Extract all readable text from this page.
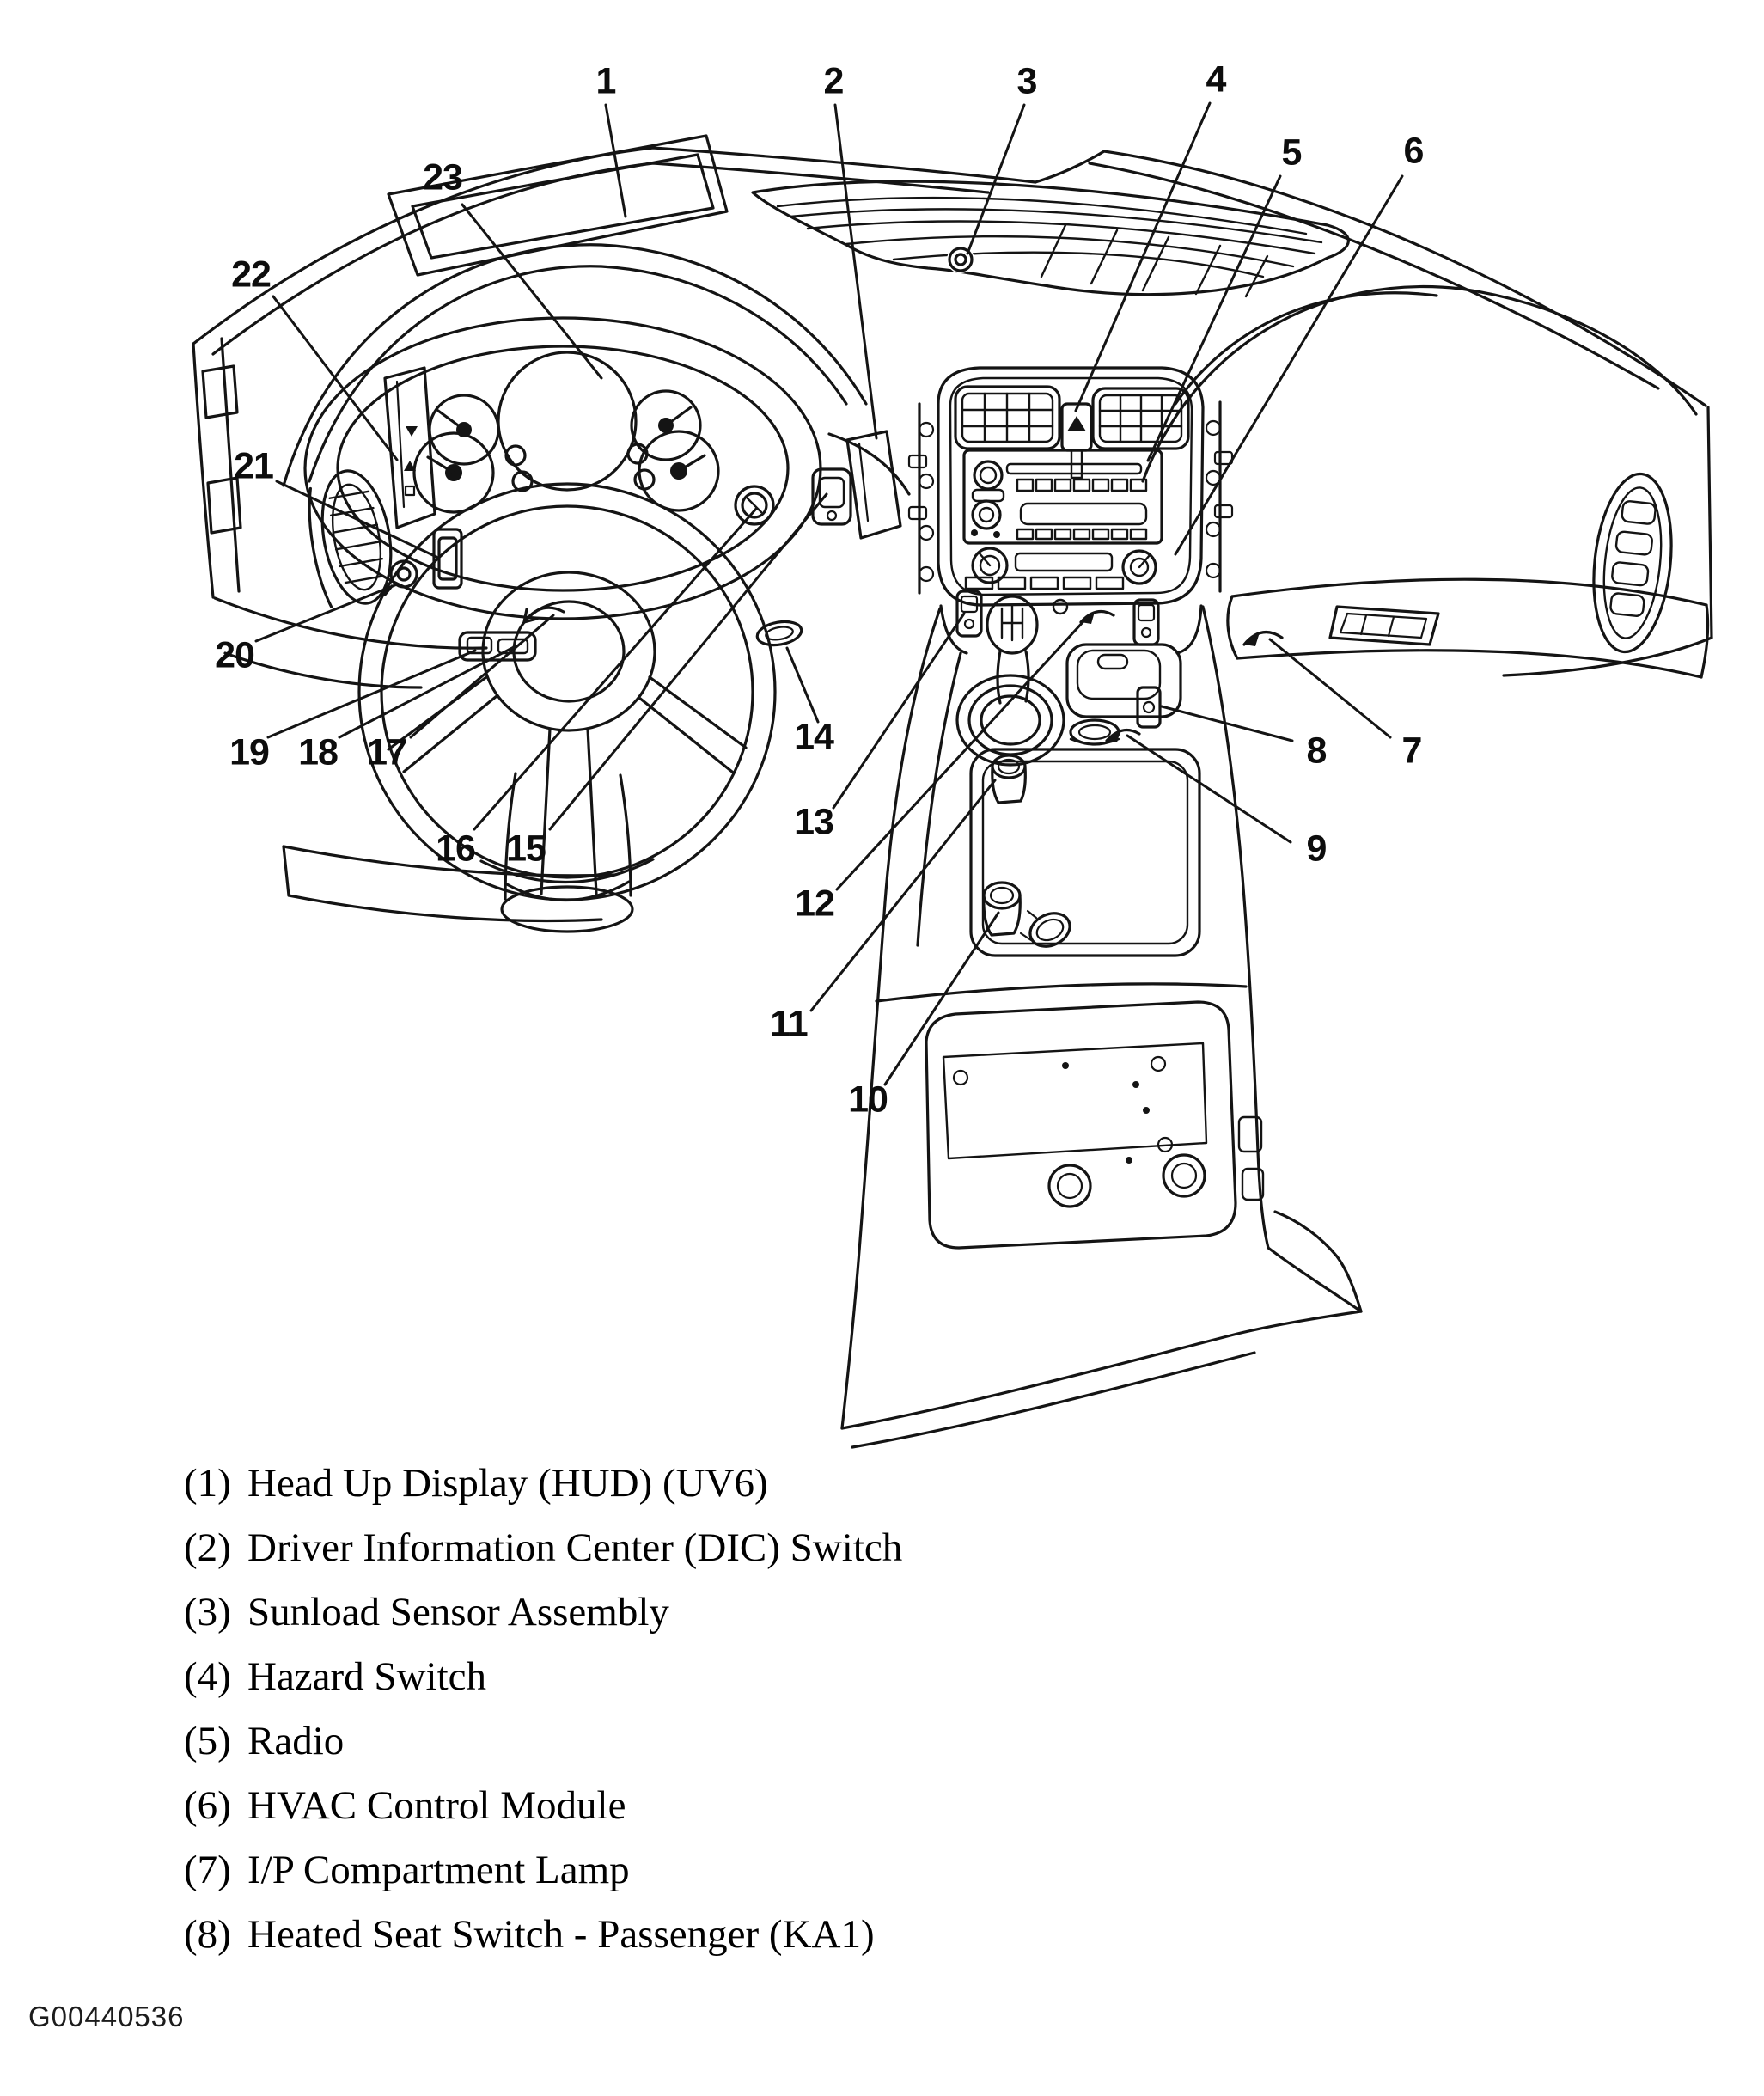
1	2	3	4
5	6
7
8
9
10
11
12
13
14
15
16
17
18
19
20
21
22
23
(1) Head Up Display (HUD) (UV6)
(2) Driver Information Center (DIC) Switch
(3) Sunload Sensor Assembly
(4) Hazard Switch
(5) Radio
(6) HVAC Control Module
(7) I/P Compartment Lamp
(8) Heated Seat Switch - Passenger (KA1)
G00440536
